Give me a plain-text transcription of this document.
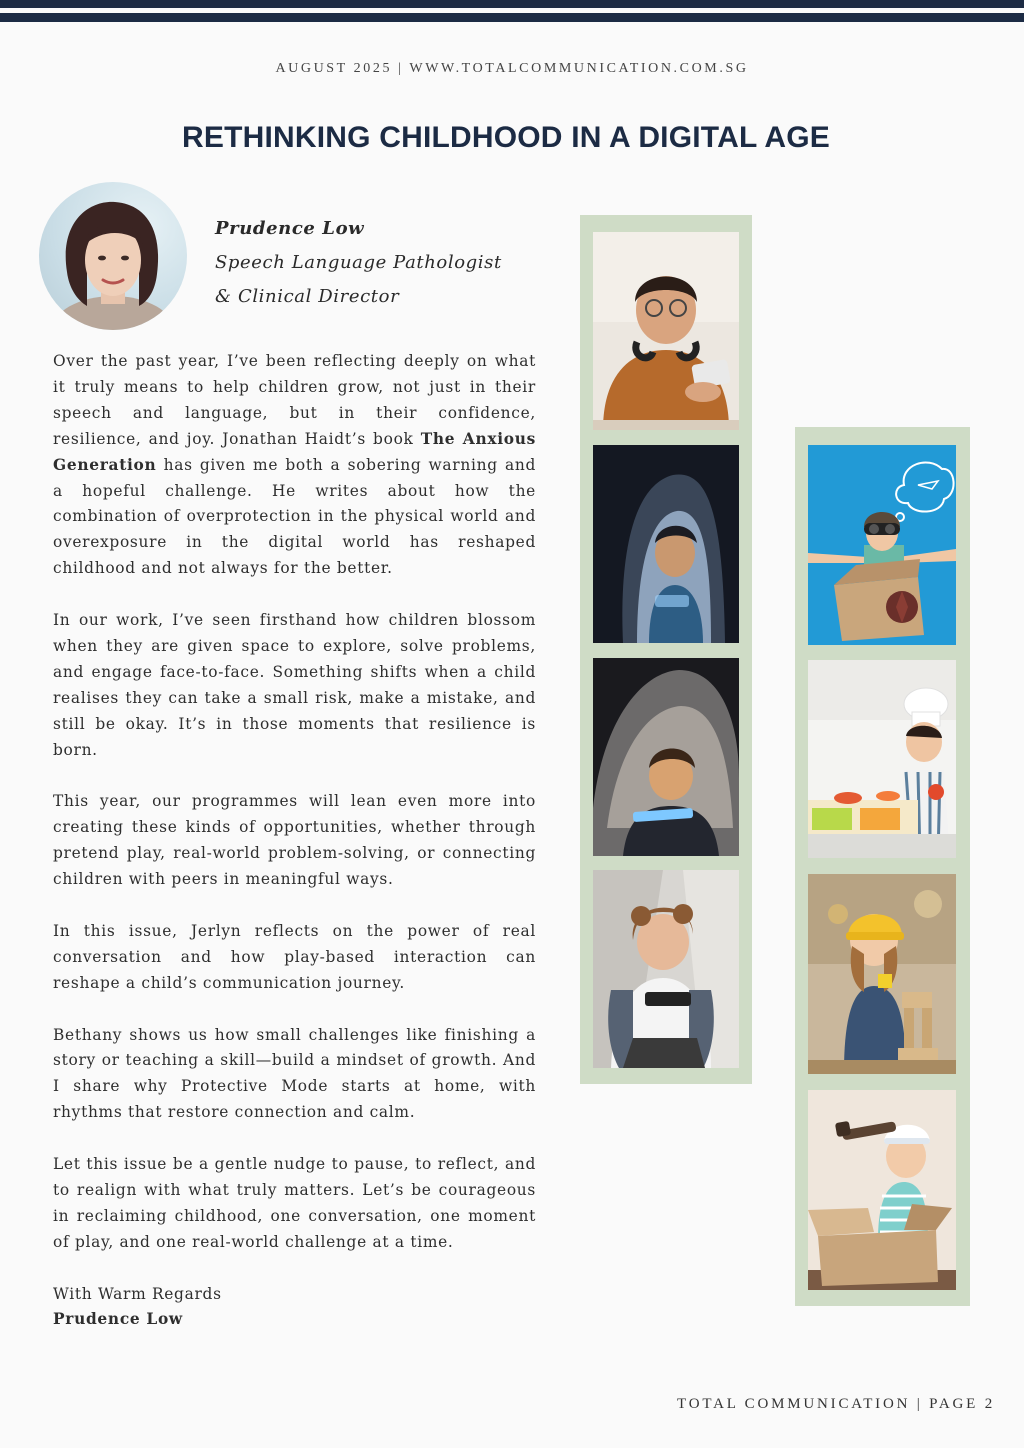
AUGUST 2025 | WWW.TOTALCOMMUNICATION.COM.SG
RETHINKING CHILDHOOD IN A DIGITAL AGE
Prudence Low
Speech Language Pathologist
& Clinical Director

Over the past year, I’ve been reflecting deeply on what it truly means to help children grow, not just in their speech and language, but in their confidence, resilience, and joy. Jonathan Haidt’s book The Anxious Generation has given me both a sobering warning and a hopeful challenge. He writes about how the combination of overprotection in the physical world and overexposure in the digital world has reshaped childhood and not always for the better.

In our work, I’ve seen firsthand how children blossom when they are given space to explore, solve problems, and engage face-to-face. Something shifts when a child realises they can take a small risk, make a mistake, and still be okay. It’s in those moments that resilience is born.

This year, our programmes will lean even more into creating these kinds of opportunities, whether through pretend play, real-world problem-solving, or connecting children with peers in meaningful ways.

In this issue, Jerlyn reflects on the power of real conversation and how play-based interaction can reshape a child’s communication journey.

Bethany shows us how small challenges like finishing a story or teaching a skill—build a mindset of growth. And I share why Protective Mode starts at home, with rhythms that restore connection and calm.

Let this issue be a gentle nudge to pause, to reflect, and to realign with what truly matters. Let’s be courageous in reclaiming childhood, one conversation, one moment of play, and one real-world challenge at a time.

With Warm Regards
Prudence Low
TOTAL COMMUNICATION | PAGE 2
